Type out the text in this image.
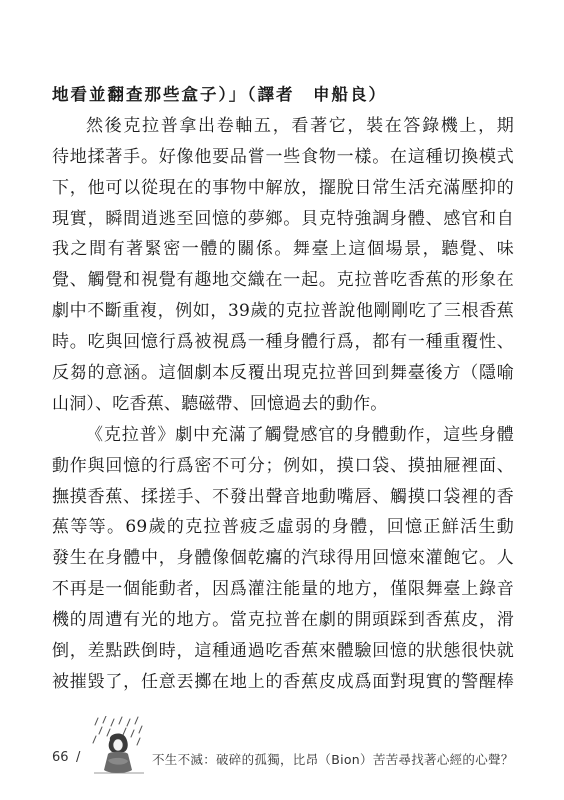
地看並翻查那些盒子）」（譯者　申船良）
然後克拉普拿出卷軸五，看著它，裝在答錄機上，期
待地揉著手。好像他要品嘗一些食物一樣。在這種切換模式
下，他可以從現在的事物中解放，擺脫日常生活充滿壓抑的
現實，瞬間逍逃至回憶的夢鄉。貝克特強調身體、感官和自
我之間有著緊密一體的關係。舞臺上這個場景，聽覺、味
覺、觸覺和視覺有趣地交織在一起。克拉普吃香蕉的形象在
劇中不斷重複，例如，39歲的克拉普說他剛剛吃了三根香蕉
時。吃與回憶行爲被視爲一種身體行爲，都有一種重覆性、
反芻的意涵。這個劇本反覆出現克拉普回到舞臺後方（隱喻
山洞）、吃香蕉、聽磁帶、回憶過去的動作。
《克拉普》劇中充滿了觸覺感官的身體動作，這些身體
動作與回憶的行爲密不可分；例如，摸口袋、摸抽屜裡面、
撫摸香蕉、揉搓手、不發出聲音地動嘴唇、觸摸口袋裡的香
蕉等等。69歲的克拉普疲乏虛弱的身體，回憶正鮮活生動
發生在身體中，身體像個乾癟的汽球得用回憶來灌飽它。人
不再是一個能動者，因爲灌注能量的地方，僅限舞臺上錄音
機的周遭有光的地方。當克拉普在劇的開頭踩到香蕉皮，滑
倒，差點跌倒時，這種通過吃香蕉來體驗回憶的狀態很快就
被摧毀了，任意丟擲在地上的香蕉皮成爲面對現實的警醒棒
66 /	不生不滅：破碎的孤獨，比昂（Bion）苦苦尋找著心經的心聲？
